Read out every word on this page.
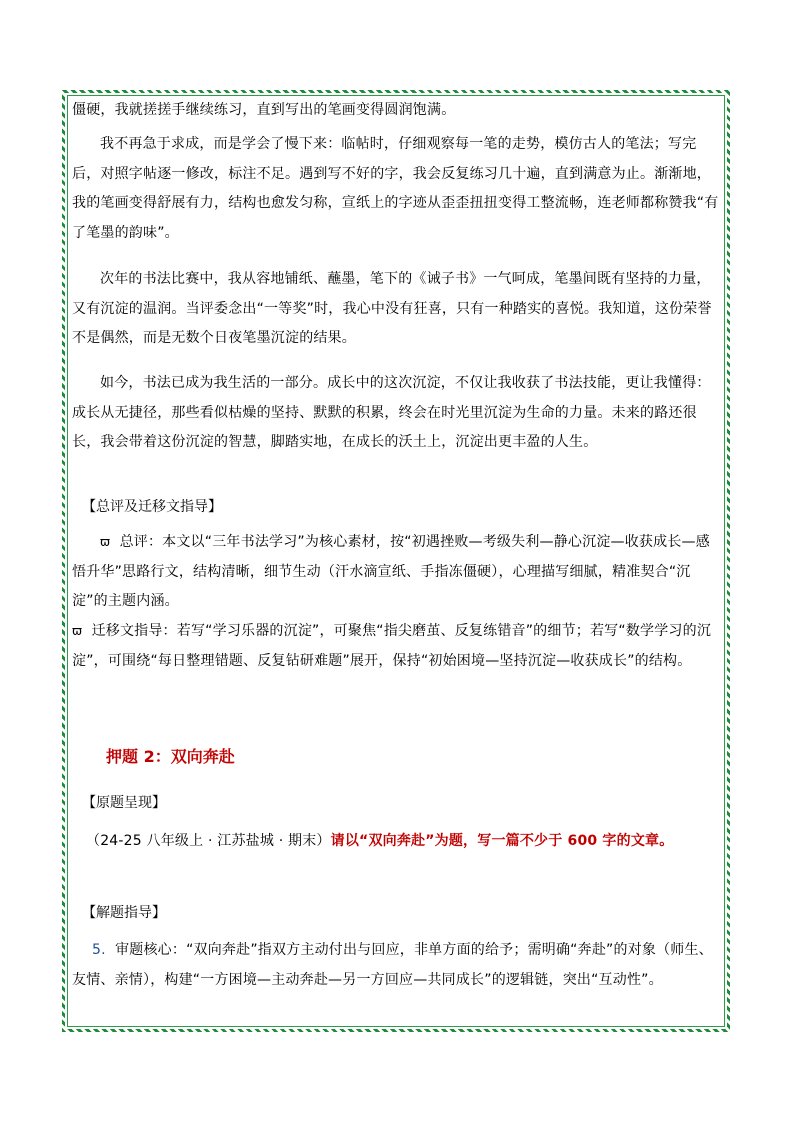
僵硬，我就搓搓手继续练习，直到写出的笔画变得圆润饱满。

我不再急于求成，而是学会了慢下来：临帖时，仔细观察每一笔的走势，模仿古人的笔法；写完后，对照字帖逐一修改，标注不足。遇到写不好的字，我会反复练习几十遍，直到满意为止。渐渐地，我的笔画变得舒展有力，结构也愈发匀称，宣纸上的字迹从歪歪扭扭变得工整流畅，连老师都称赞我“有了笔墨的韵味”。

次年的书法比赛中，我从容地铺纸、蘸墨，笔下的《诫子书》一气呵成，笔墨间既有坚持的力量，又有沉淀的温润。当评委念出“一等奖”时，我心中没有狂喜，只有一种踏实的喜悦。我知道，这份荣誉不是偶然，而是无数个日夜笔墨沉淀的结果。

如今，书法已成为我生活的一部分。成长中的这次沉淀，不仅让我收获了书法技能，更让我懂得：成长从无捷径，那些看似枯燥的坚持、默默的积累，终会在时光里沉淀为生命的力量。未来的路还很长，我会带着这份沉淀的智慧，脚踏实地，在成长的沃土上，沉淀出更丰盈的人生。

【总评及迁移文指导】

ϖ 总评：本文以“三年书法学习”为核心素材，按“初遇挫败—考级失利—静心沉淀—收获成长—感悟升华”思路行文，结构清晰，细节生动（汗水滴宣纸、手指冻僵硬），心理描写细腻，精准契合“沉淀”的主题内涵。

ϖ 迁移文指导：若写“学习乐器的沉淀”，可聚焦“指尖磨茧、反复练错音”的细节；若写“数学学习的沉淀”，可围绕“每日整理错题、反复钻研难题”展开，保持“初始困境—坚持沉淀—收获成长”的结构。

押题 2：双向奔赴
【原题呈现】

（24-25 八年级上 · 江苏盐城 · 期末）请以“双向奔赴”为题，写一篇不少于 600 字的文章。

【解题指导】

5. 审题核心：“双向奔赴”指双方主动付出与回应，非单方面的给予；需明确“奔赴”的对象（师生、友情、亲情），构建“一方困境—主动奔赴—另一方回应—共同成长”的逻辑链，突出“互动性”。
